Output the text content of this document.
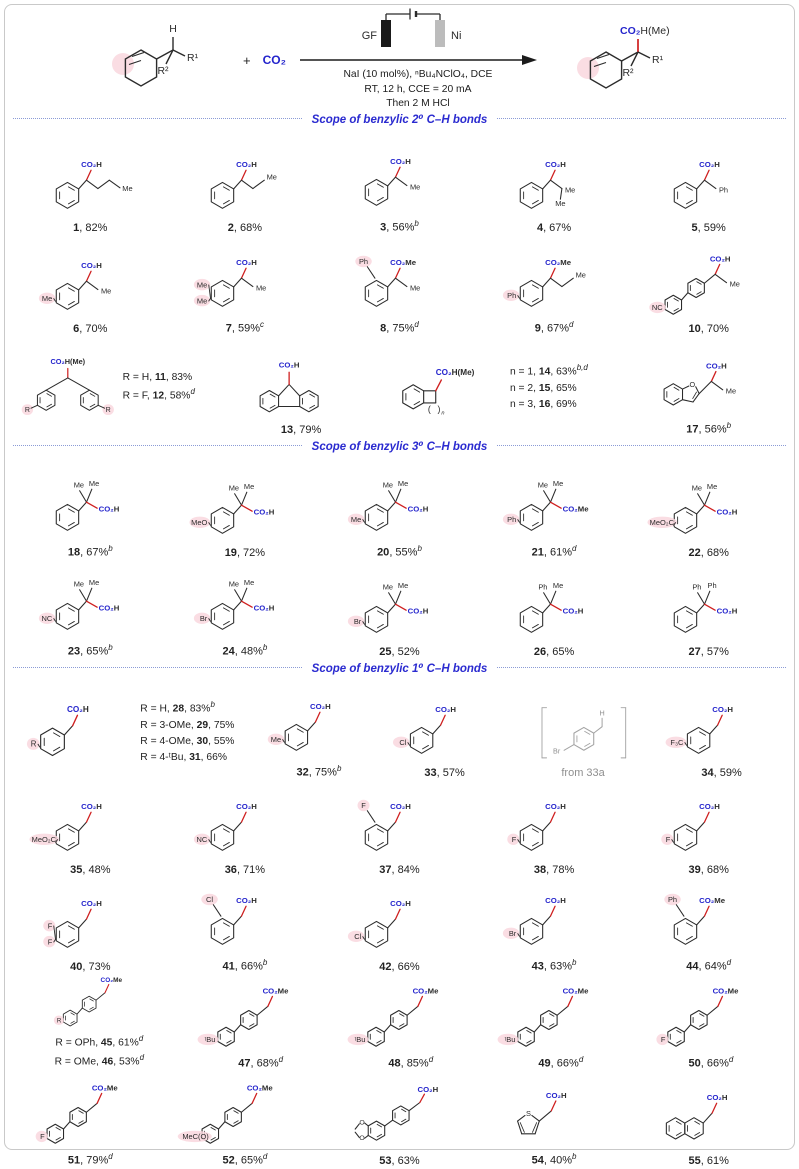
H
R¹
R²
+ CO₂
GF	Ni
NaI (10 mol%), ⁿBu₄NClO₄, DCE
RT, 12 h, CCE = 20 mA
Then 2 M HCl
CO₂H(Me)
R¹
R²
$^{Scope of benzylic 2^0 C-H bonds}$
CO₂H
Me
1, 82%
CO₂H
Me
2, 68%
CO₂H
Me
3, 56%$^b$
CO₂H
Me
Me
4, 67%
CO₂H
Ph
5, 59%
Me
CO₂H
Me
6, 70%
Me
Me
CO₂H
Me
7, 59%$^c$
Ph CO₂Me
Me
8, 75%$^d$
Ph
CO₂Me
Me
9, 67%$^d$
NC
CO₂H
Me
10, 70%
CO₂H(Me)
R	R
R = H, 11, 83%
R = F, 12, 58%$^d$
CO₂H
13, 79%
( ) n
CO₂H(Me)	n = 1, 14, 63%$^{b,d}$
n = 2, 15, 65%
n = 3, 16, 69%
O
CO₂H
Me
17, 56%$^b$
$^{Scope of benzylic 3^0 C-H bonds}$
Me Me
CO₂H
18, 67%$^b$
MeO
Me Me
CO₂H
19, 72%
Me
Me Me
CO₂H
20, 55%$^b$
Ph
Me Me
CO₂Me
21, 61%$^d$
MeO₂C
Me Me
CO₂H
22, 68%
NC
Me Me
CO₂H
23, 65%$^b$
Br
Me Me
CO₂H
24, 48%$^b$
Br
Me Me
CO₂H
25, 52%
Ph Me
CO₂H
26, 65%
Ph Ph
CO₂H
27, 57%
$^{Scope of benzylic 1^0 C-H bonds}$
R
CO₂H	R = H, 28, 83%$^b$
R = 3-OMe, 29, 75%
R = 4-OMe, 30, 55%
R = 4-ᵗBu, 31, 66%
Me
CO₂H
32, 75%$^b$
Cl
CO₂H
33, 57%
Br
H
from 33a
F₃C
CO₂H
34, 59%
MeO₂C
CO₂H
35, 48%
NC
CO₂H
36, 71%
F CO₂H
37, 84%
F
CO₂H
38, 78%
F
CO₂H
39, 68%
F
F
CO₂H
40, 73%
Cl CO₂H
41, 66%$^b$
Cl
CO₂H
42, 66%
Br
CO₂H
43, 63%$^b$
Ph CO₂Me
44, 64%$^d$
R
CO₂Me
R = OPh, 45, 61%$^d$
R = OMe, 46, 53%$^d$
ᵗBu
CO₂Me
47, 68%$^d$
ᵗBu
CO₂Me
48, 85%$^d$
ᵗBu
CO₂Me
49, 66%$^d$
F
CO₂Me
50, 66%$^d$
F
CO₂Me
51, 79%$^d$
MeC(O)
CO₂Me
52, 65%$^d$
O
O
CO₂H
53, 63%
S
CO₂H
54, 40%$^b$
CO₂H
55, 61%
